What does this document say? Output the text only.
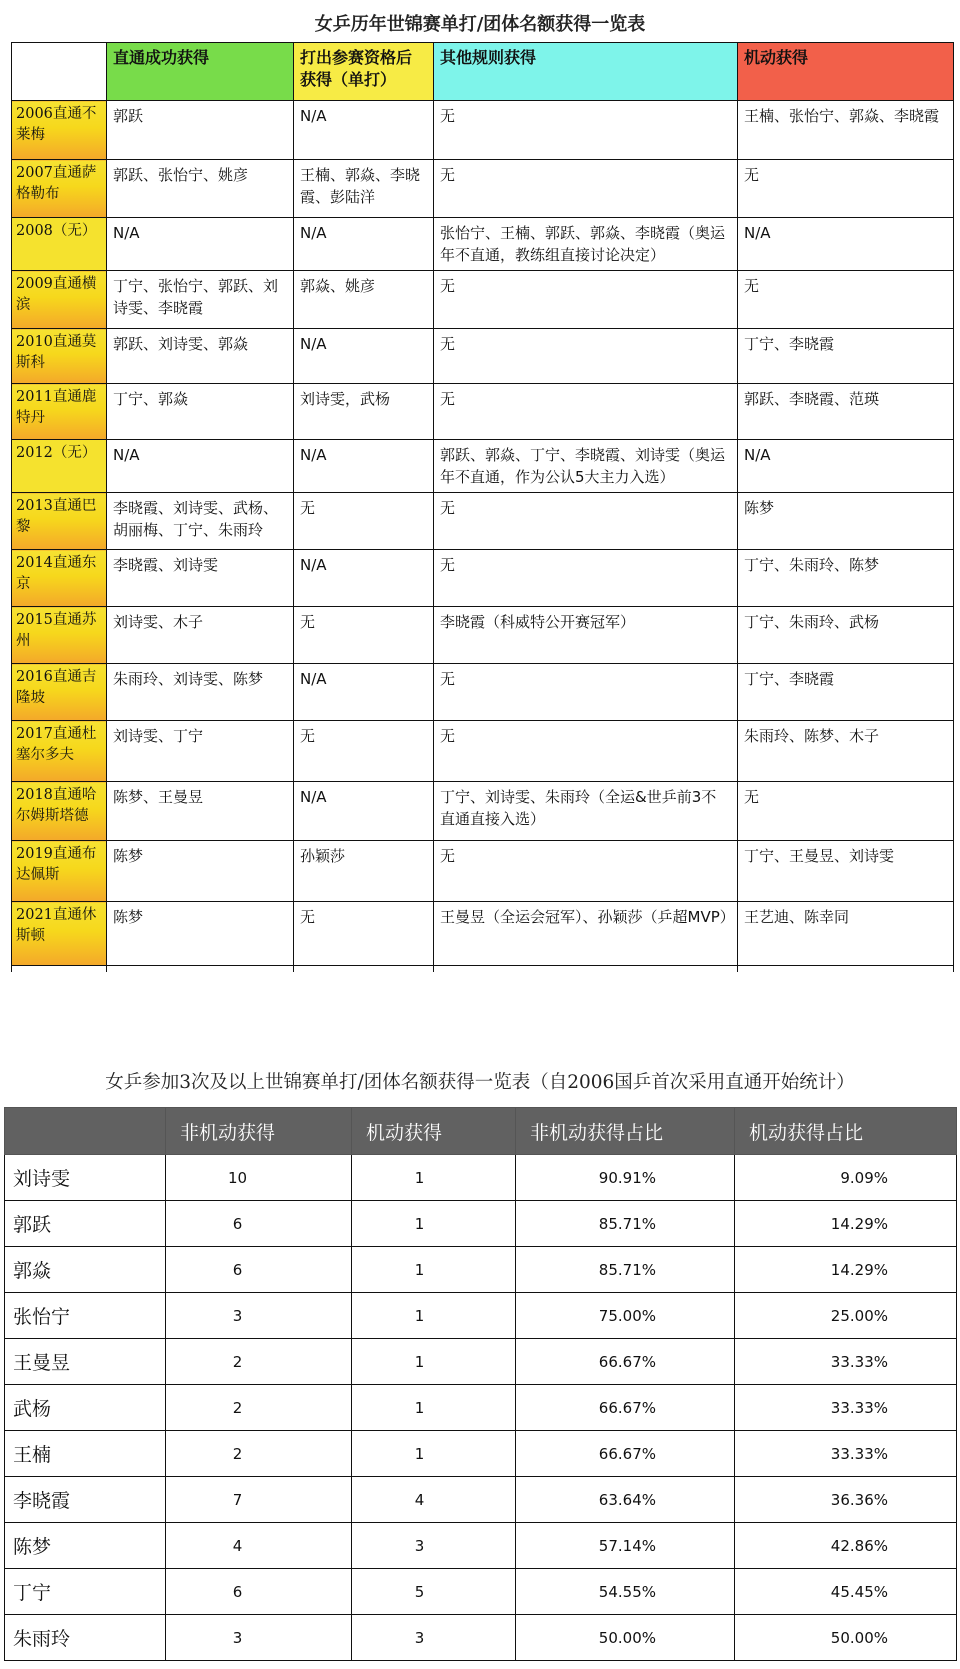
女乒历年世锦赛单打/团体名额获得一览表
	直通成功获得	打出参赛资格后获得（单打）	其他规则获得	机动获得
2006直通不莱梅	郭跃	N/A	无	王楠、张怡宁、郭焱、李晓霞
2007直通萨格勒布	郭跃、张怡宁、姚彦	王楠、郭焱、李晓霞、彭陆洋	无	无
2008（无）	N/A	N/A	张怡宁、王楠、郭跃、郭焱、李晓霞（奥运年不直通，教练组直接讨论决定）	N/A
2009直通横滨	丁宁、张怡宁、郭跃、刘诗雯、李晓霞	郭焱、姚彦	无	无
2010直通莫斯科	郭跃、刘诗雯、郭焱	N/A	无	丁宁、李晓霞
2011直通鹿特丹	丁宁、郭焱	刘诗雯，武杨	无	郭跃、李晓霞、范瑛
2012（无）	N/A	N/A	郭跃、郭焱、丁宁、李晓霞、刘诗雯（奥运年不直通，作为公认5大主力入选）	N/A
2013直通巴黎	李晓霞、刘诗雯、武杨、胡丽梅、丁宁、朱雨玲	无	无	陈梦
2014直通东京	李晓霞、刘诗雯	N/A	无	丁宁、朱雨玲、陈梦
2015直通苏州	刘诗雯、木子	无	李晓霞（科威特公开赛冠军）	丁宁、朱雨玲、武杨
2016直通吉隆坡	朱雨玲、刘诗雯、陈梦	N/A	无	丁宁、李晓霞
2017直通杜塞尔多夫	刘诗雯、丁宁	无	无	朱雨玲、陈梦、木子
2018直通哈尔姆斯塔德	陈梦、王曼昱	N/A	丁宁、刘诗雯、朱雨玲（全运&世乒前3不直通直接入选）	无
2019直通布达佩斯	陈梦	孙颖莎	无	丁宁、王曼昱、刘诗雯
2021直通休斯顿	陈梦	无	王曼昱（全运会冠军）、孙颖莎（乒超MVP）	王艺迪、陈幸同

女乒参加3次及以上世锦赛单打/团体名额获得一览表（自2006国乒首次采用直通开始统计）
	非机动获得	机动获得	非机动获得占比	机动获得占比
刘诗雯	10	1	90.91%	9.09%
郭跃	6	1	85.71%	14.29%
郭焱	6	1	85.71%	14.29%
张怡宁	3	1	75.00%	25.00%
王曼昱	2	1	66.67%	33.33%
武杨	2	1	66.67%	33.33%
王楠	2	1	66.67%	33.33%
李晓霞	7	4	63.64%	36.36%
陈梦	4	3	57.14%	42.86%
丁宁	6	5	54.55%	45.45%
朱雨玲	3	3	50.00%	50.00%
